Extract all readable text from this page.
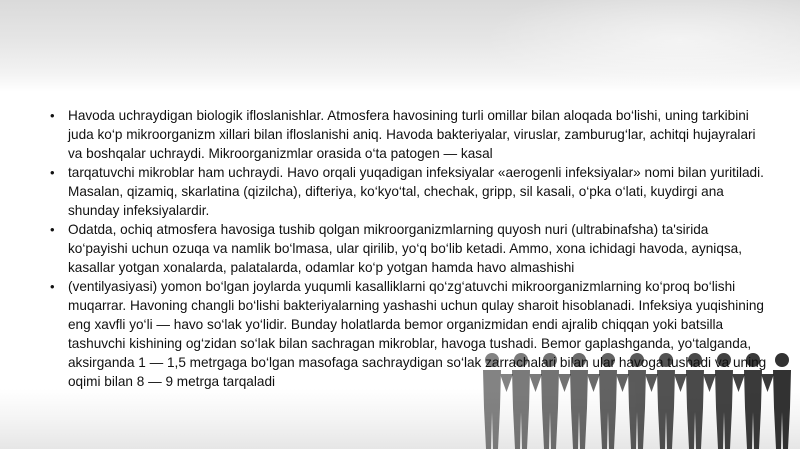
• Havoda uchraydigan biologik ifloslanishlar. Atmosfera havosining turli omillar bilan aloqada bo‘lishi, uning tarkibini juda ko‘p mikroorganizm xillari bilan ifloslanishi aniq. Havoda bakteriyalar, viruslar, zamburug‘lar, achitqi hujayralari va boshqalar uchraydi. Mikroorganizmlar orasida o‘ta patogen — kasal
• tarqatuvchi mikroblar ham uchraydi. Havo orqali yuqadigan infeksiyalar «aerogenli infeksiyalar» nomi bilan yuritiladi. Masalan, qizamiq, skarlatina (qizilcha), difteriya, ko‘kyo‘tal, chechak, gripp, sil kasali, o‘pka o‘lati, kuydirgi ana shunday infeksiyalardir.
• Odatda, ochiq atmosfera havosiga tushib qolgan mikroorganizmlarning quyosh nuri (ultrabinafsha) ta'sirida ko‘payishi uchun ozuqa va namlik bo‘lmasa, ular qirilib, yo‘q bo‘lib ketadi. Ammo, xona ichidagi havoda, ayniqsa, kasallar yotgan xonalarda, palatalarda, odamlar ko‘p yotgan hamda havo almashishi
• (ventilyasiyasi) yomon bo‘lgan joylarda yuqumli kasalliklarni qo‘zg‘atuvchi mikroorganizmlarning ko‘proq bo‘lishi muqarrar. Havoning changli bo‘lishi bakteriyalarning yashashi uchun qulay sharoit hisoblanadi. Infeksiya yuqishining eng xavfli yo‘li — havo so‘lak yo‘lidir. Bunday holatlarda bemor organizmidan endi ajralib chiqqan yoki batsilla tashuvchi kishining og‘zidan so‘lak bilan sachragan mikroblar, havoga tushadi. Bemor gaplashganda, yo‘talganda, aksirganda 1 — 1,5 metrgaga bo‘lgan masofaga sachraydigan so‘lak zarrachalari bilan ular havoga tushadi va uning oqimi bilan 8 — 9 metrga tarqaladi
